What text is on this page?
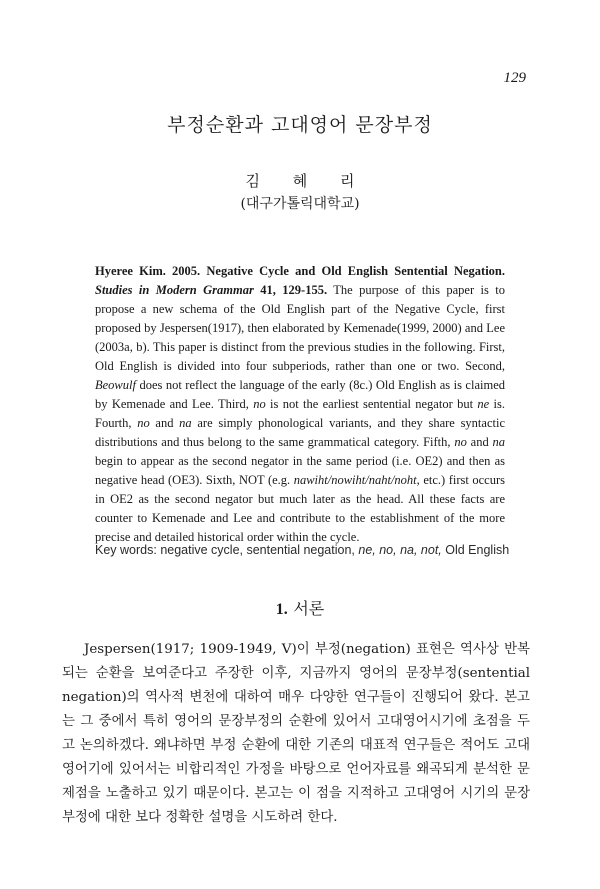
129
부정순환과 고대영어 문장부정
김 혜 리
(대구가톨릭대학교)

Hyeree Kim. 2005. Negative Cycle and Old English Sentential Negation. Studies in Modern Grammar 41, 129-155. The purpose of this paper is to propose a new schema of the Old English part of the Negative Cycle, first proposed by Jespersen(1917), then elaborated by Kemenade(1999, 2000) and Lee (2003a, b). This paper is distinct from the previous studies in the following. First, Old English is divided into four subperiods, rather than one or two. Second, Beowulf does not reflect the language of the early (8c.) Old English as is claimed by Kemenade and Lee. Third, no is not the earliest sentential negator but ne is. Fourth, no and na are simply phonological variants, and they share syntactic distributions and thus belong to the same grammatical category. Fifth, no and na begin to appear as the second negator in the same period (i.e. OE2) and then as negative head (OE3). Sixth, NOT (e.g. nawiht/nowiht/naht/noht, etc.) first occurs in OE2 as the second negator but much later as the head. All these facts are counter to Kemenade and Lee and contribute to the establishment of the more precise and detailed historical order within the cycle.

Key words: negative cycle, sentential negation, ne, no, na, not, Old English
1. 서론

Jespersen(1917; 1909-1949, V)이 부정(negation) 표현은 역사상 반복되는 순환을 보여준다고 주장한 이후, 지금까지 영어의 문장부정(sentential negation)의 역사적 변천에 대하여 매우 다양한 연구들이 진행되어 왔다. 본고는 그 중에서 특히 영어의 문장부정의 순환에 있어서 고대영어시기에 초점을 두고 논의하겠다. 왜냐하면 부정 순환에 대한 기존의 대표적 연구들은 적어도 고대영어기에 있어서는 비합리적인 가정을 바탕으로 언어자료를 왜곡되게 분석한 문제점을 노출하고 있기 때문이다. 본고는 이 점을 지적하고 고대영어 시기의 문장부정에 대한 보다 정확한 설명을 시도하려 한다.
